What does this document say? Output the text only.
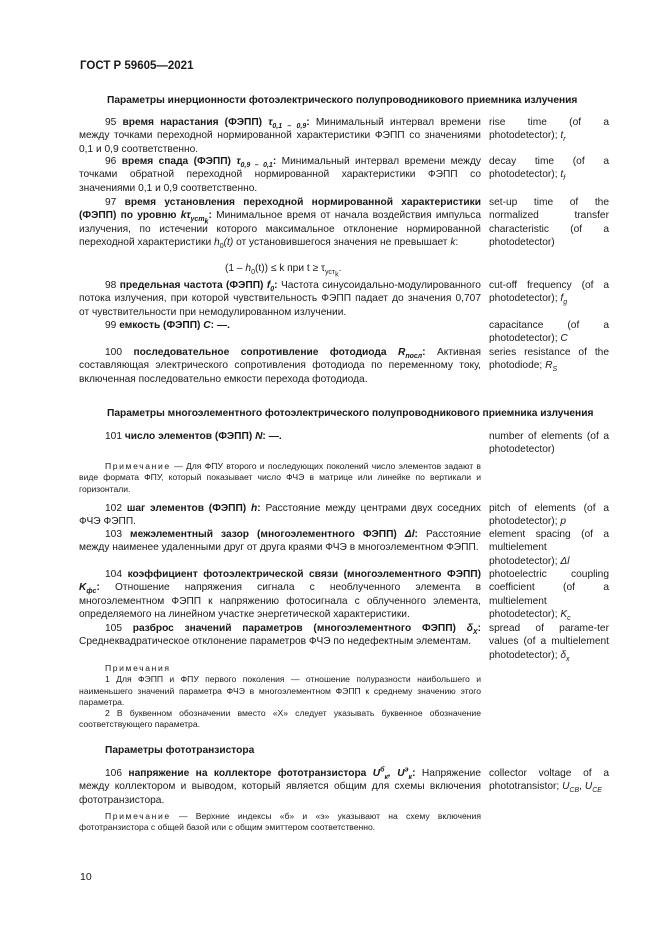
ГОСТ Р 59605—2021
Параметры инерционности фотоэлектрического полупроводникового приемника излучения
95 время нарастания (ФЭПП) $\tau_{0,1 - 0,9}$: Минимальный интервал времени между точками переходной нормированной характеристики ФЭПП со значениями 0,1 и 0,9 соответственно.
rise time (of a photodetector); $t_r$
96 время спада (ФЭПП) $\tau_{0,9 - 0,1}$: Минимальный интервал времени между точками обратной переходной нормированной характеристики ФЭПП со значениями 0,1 и 0,9 соответственно.
decay time (of a photodetector); $t_f$
97 время установления переходной нормированной характеристики (ФЭПП) по уровню $k\tau_{уст_k}$: Минимальное время от начала воздействия импульса излучения, по истечении которого максимальное отклонение нормированной переходной характеристики $h_0(t)$ от установившегося значения не превышает k:
$(1 - h_0(t)) \le k$ при $t \ge \tau_{уст_k}$.
set-up time of the normalized transfer characteristic (of a photodetector)
98 предельная частота (ФЭПП) $f_0$: Частота синусоидально-модулированного потока излучения, при которой чувствительность ФЭПП падает до значения 0,707 от чувствительности при немодулированном излучении.
cut-off frequency (of a photodetector); $f_g$
99 емкость (ФЭПП) C: —.	capacitance (of a photodetector); C
100 последовательное сопротивление фотодиода $R_{посл}$: Активная составляющая электрического сопротивления фотодиода по переменному току, включенная последовательно емкости перехода фотодиода.
series resistance of the photodiode; $R_S$
Параметры многоэлементного фотоэлектрического полупроводникового приемника излучения
101 число элементов (ФЭПП) N: —.	number of elements (of a photodetector)
Примечание — Для ФПУ второго и последующих поколений число элементов задают в виде формата ФПУ, который показывает число ФЧЭ в матрице или линейке по вертикали и горизонтали.
102 шаг элементов (ФЭПП) h: Расстояние между центрами двух соседних ФЧЭ ФЭПП.
pitch of elements (of a photodetector); p
103 межэлементный зазор (многоэлементного ФЭПП) Δl: Расстояние между наименее удаленными друг от друга краями ФЧЭ в многоэлементном ФЭПП.
element spacing (of a multielement photodetector); Δl
104 коэффициент фотоэлектрической связи (многоэлементного ФЭПП) $K_{фс}$: Отношение напряжения сигнала с необлученного элемента в многоэлементном ФЭПП к напряжению фотосигнала с облученного элемента, определяемого на линейном участке энергетической характеристики.
photoelectric coupling coefficient (of a multielement photodetector); $K_c$
105 разброс значений параметров (многоэлементного ФЭПП) $\delta_X$: Среднеквадратическое отклонение параметров ФЧЭ по недефектным элементам.
spread of parame-ter values (of a multielement photodetector); $\delta_x$
Примечания
1 Для ФЭПП и ФПУ первого поколения — отношение полуразности наибольшего и наименьшего значений параметра ФЧЭ в многоэлементном ФЭПП к среднему значению этого параметра.
2 В буквенном обозначении вместо «X» следует указывать буквенное обозначение соответствующего параметра.
Параметры фототранзистора
106 напряжение на коллекторе фототранзистора $U^б_к$, $U^э_к$: Напряжение между коллектором и выводом, который является общим для схемы включения фототранзистора.
collector voltage of a phototransistor; $U_{CB}$, $U_{CE}$
Примечание — Верхние индексы «б» и «э» указывают на схему включения фототранзистора с общей базой или с общим эмиттером соответственно.
10
